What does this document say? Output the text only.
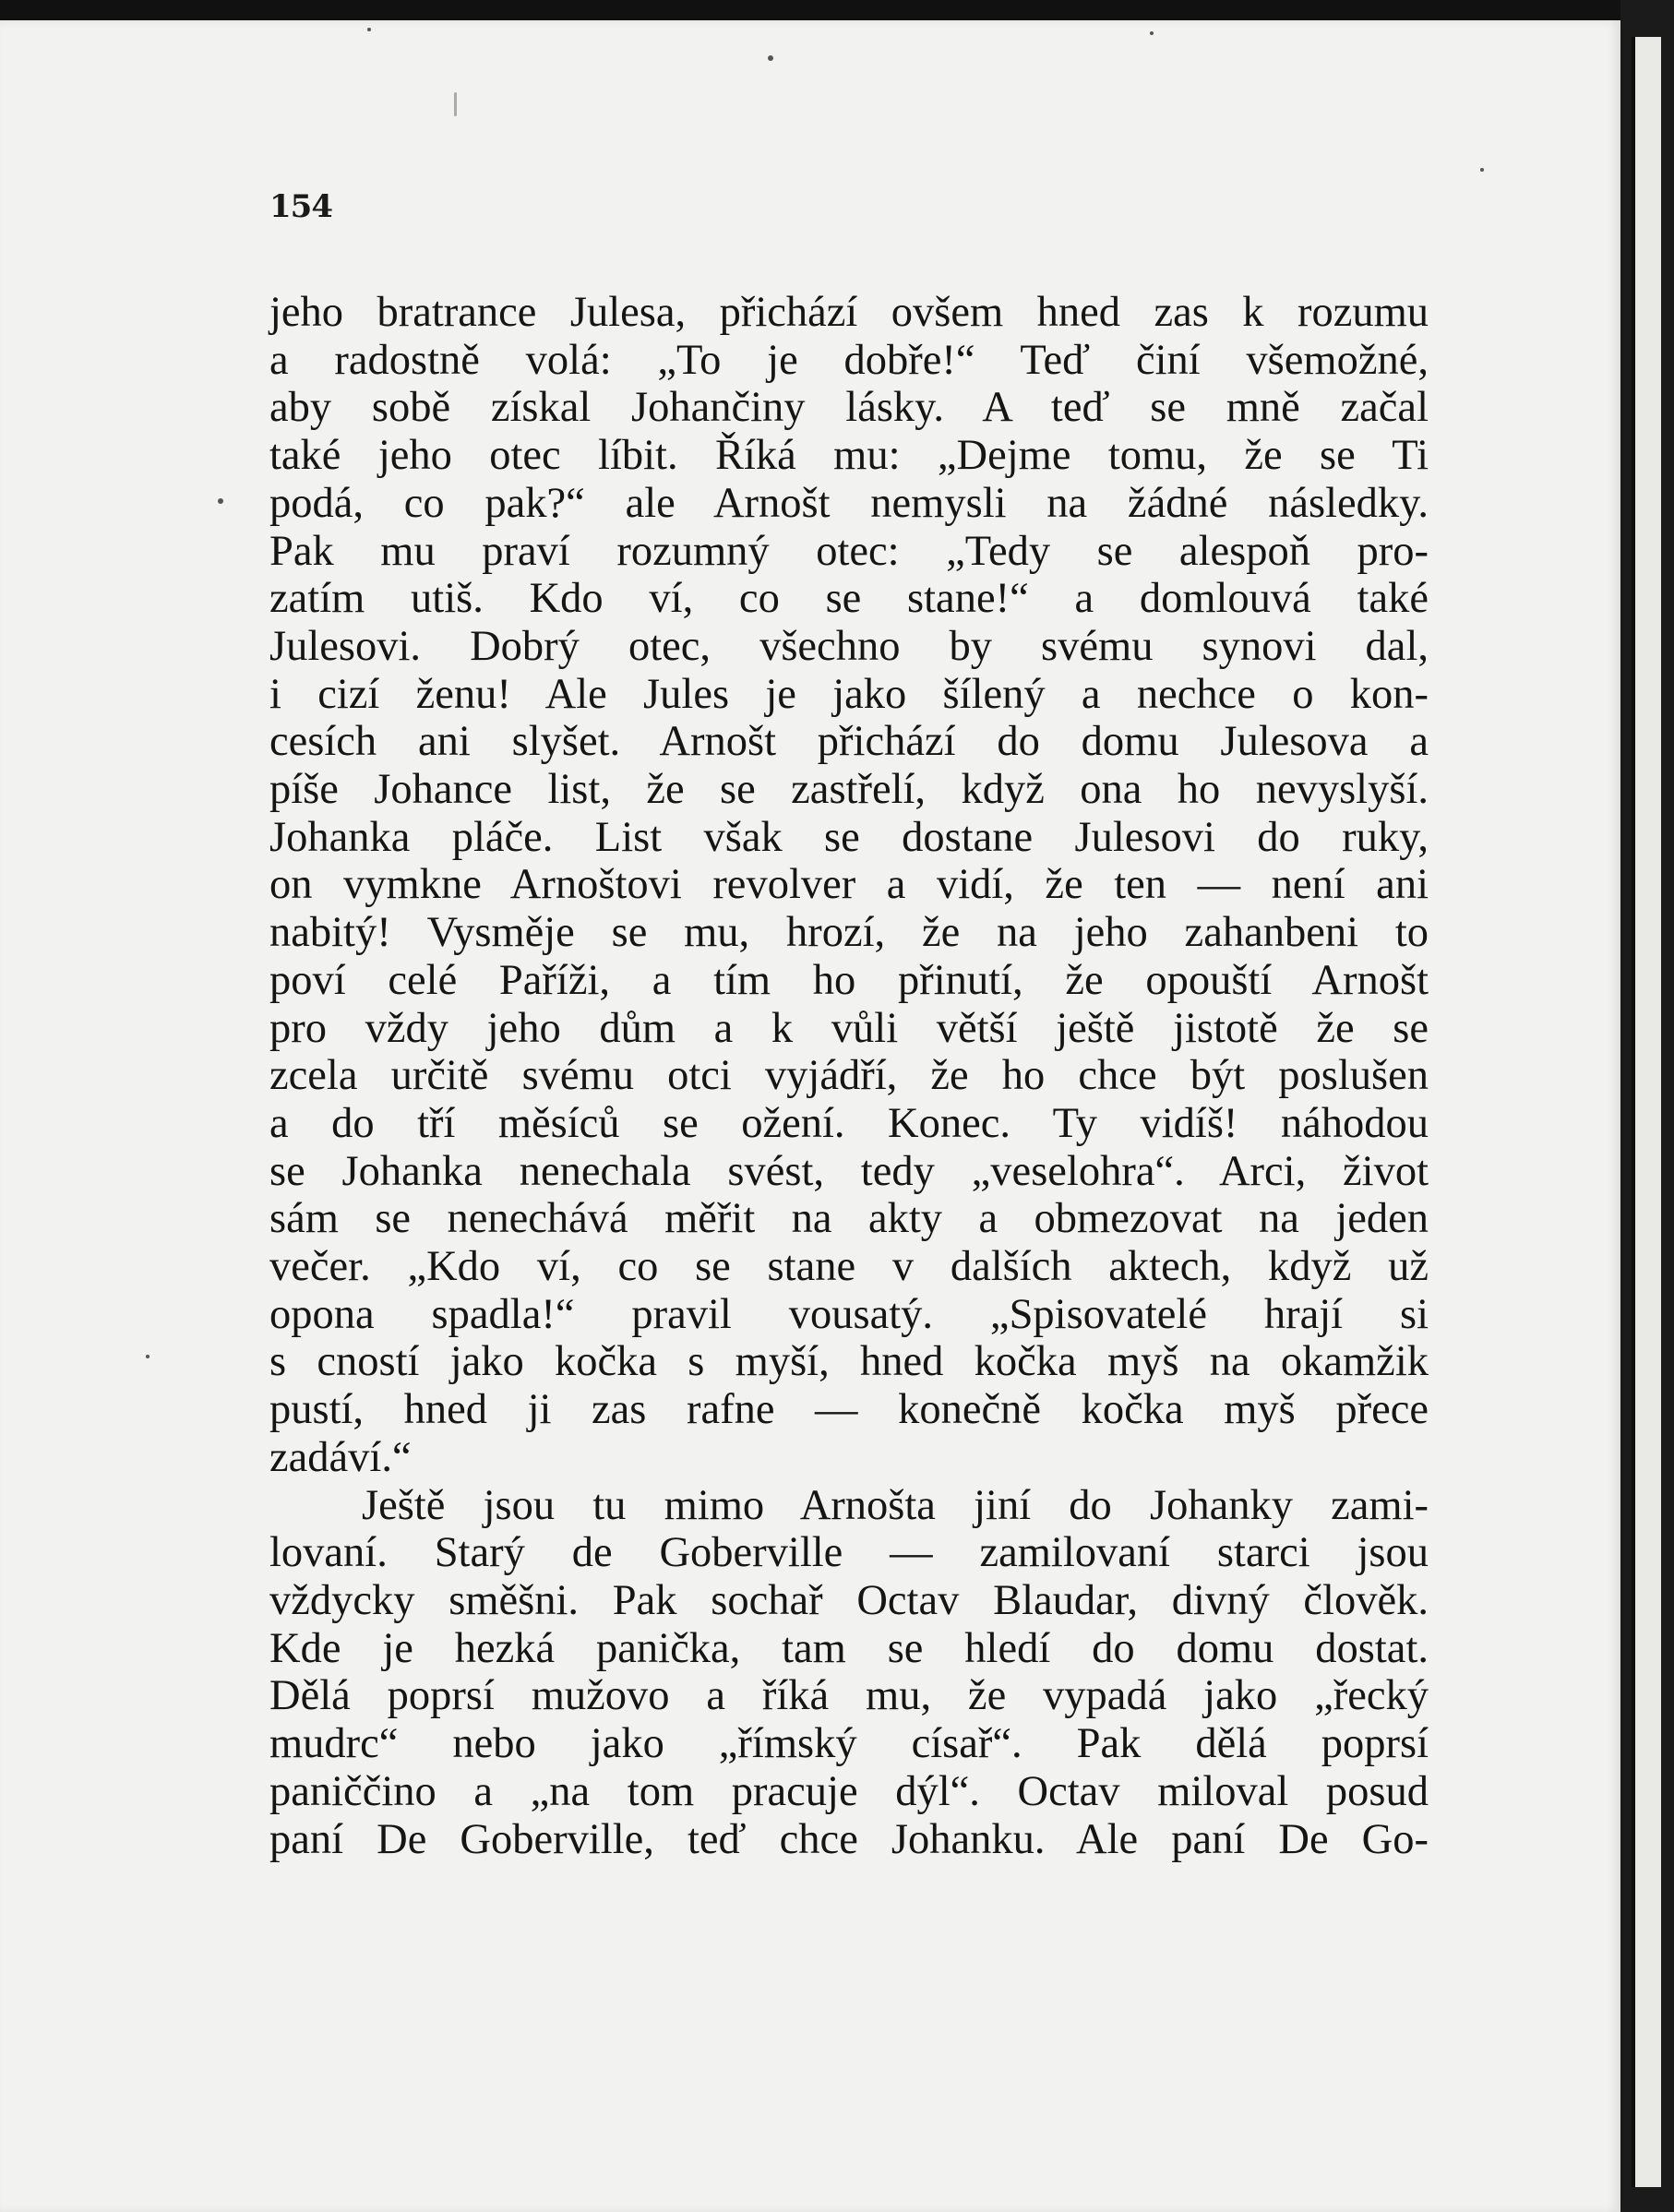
154
jeho bratrance Julesa, přichází ovšem hned zas k rozumu
a radostně volá: „To je dobře!“ Teď činí všemožné,
aby sobě získal Johančiny lásky. A teď se mně začal
také jeho otec líbit. Říká mu: „Dejme tomu, že se Ti
podá, co pak?“ ale Arnošt nemysli na žádné následky.
Pak mu praví rozumný otec: „Tedy se alespoň pro-
zatím utiš. Kdo ví, co se stane!“ a domlouvá také
Julesovi. Dobrý otec, všechno by svému synovi dal,
i cizí ženu! Ale Jules je jako šílený a nechce o kon-
cesích ani slyšet. Arnošt přichází do domu Julesova a
píše Johance list, že se zastřelí, když ona ho nevyslyší.
Johanka pláče. List však se dostane Julesovi do ruky,
on vymkne Arnoštovi revolver a vidí, že ten — není ani
nabitý! Vysměje se mu, hrozí, že na jeho zahanbeni to
poví celé Paříži, a tím ho přinutí, že opouští Arnošt
pro vždy jeho dům a k vůli větší ještě jistotě že se
zcela určitě svému otci vyjádří, že ho chce být poslušen
a do tří měsíců se ožení. Konec. Ty vidíš! náhodou
se Johanka nenechala svést, tedy „veselohra“. Arci, život
sám se nenechává měřit na akty a obmezovat na jeden
večer. „Kdo ví, co se stane v dalších aktech, když už
opona spadla!“ pravil vousatý. „Spisovatelé hrají si
s cností jako kočka s myší, hned kočka myš na okamžik
pustí, hned ji zas rafne — konečně kočka myš přece
zadáví.“
Ještě jsou tu mimo Arnošta jiní do Johanky zami-
lovaní. Starý de Goberville — zamilovaní starci jsou
vždycky směšni. Pak sochař Octav Blaudar, divný člověk.
Kde je hezká panička, tam se hledí do domu dostat.
Dělá poprsí mužovo a říká mu, že vypadá jako „řecký
mudrc“ nebo jako „římský císař“. Pak dělá poprsí
paniččino a „na tom pracuje dýl“. Octav miloval posud
paní De Goberville, teď chce Johanku. Ale paní De Go-
